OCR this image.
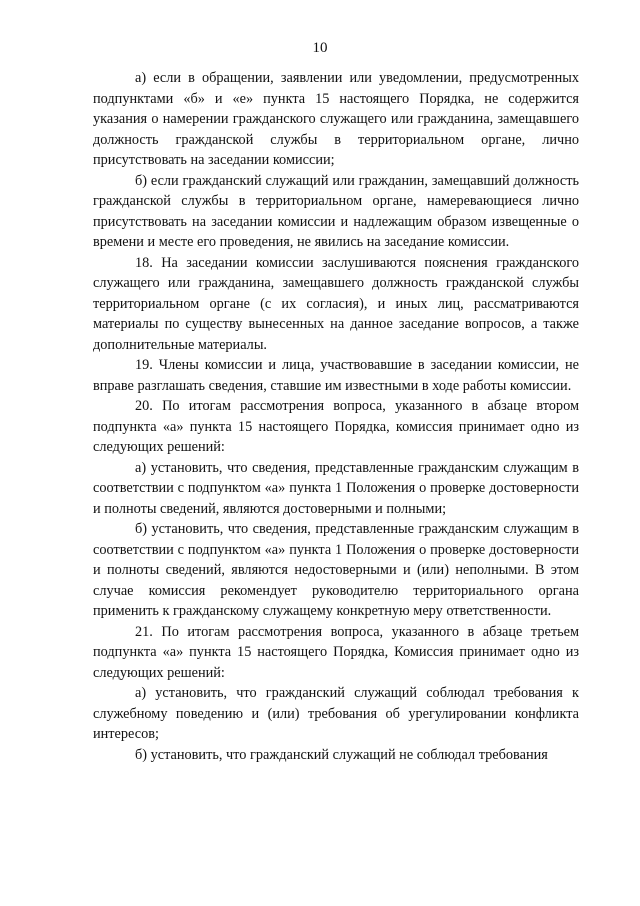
10

а) если в обращении, заявлении или уведомлении, предусмотренных подпунктами «б» и «е» пункта 15 настоящего Порядка, не содержится указания о намерении гражданского служащего или гражданина, замещавшего должность гражданской службы в территориальном органе, лично присутствовать на заседании комиссии;

б) если гражданский служащий или гражданин, замещавший должность гражданской службы в территориальном органе, намеревающиеся лично присутствовать на заседании комиссии и надлежащим образом извещенные о времени и месте его проведения, не явились на заседание комиссии.

18. На заседании комиссии заслушиваются пояснения гражданского служащего или гражданина, замещавшего должность гражданской службы территориальном органе (с их согласия), и иных лиц, рассматриваются материалы по существу вынесенных на данное заседание вопросов, а также дополнительные материалы.

19. Члены комиссии и лица, участвовавшие в заседании комиссии, не вправе разглашать сведения, ставшие им известными в ходе работы комиссии.

20. По итогам рассмотрения вопроса, указанного в абзаце втором подпункта «а» пункта 15 настоящего Порядка, комиссия принимает одно из следующих решений:

а) установить, что сведения, представленные гражданским служащим в соответствии с подпунктом «а» пункта 1 Положения о проверке достоверности и полноты сведений, являются достоверными и полными;

б) установить, что сведения, представленные гражданским служащим в соответствии с подпунктом «а» пункта 1 Положения о проверке достоверности и полноты сведений, являются недостоверными и (или) неполными. В этом случае комиссия рекомендует руководителю территориального органа применить к гражданскому служащему конкретную меру ответственности.

21. По итогам рассмотрения вопроса, указанного в абзаце третьем подпункта «а» пункта 15 настоящего Порядка, Комиссия принимает одно из следующих решений:

а) установить, что гражданский служащий соблюдал требования к служебному поведению и (или) требования об урегулировании конфликта интересов;

б) установить, что гражданский служащий не соблюдал требования
